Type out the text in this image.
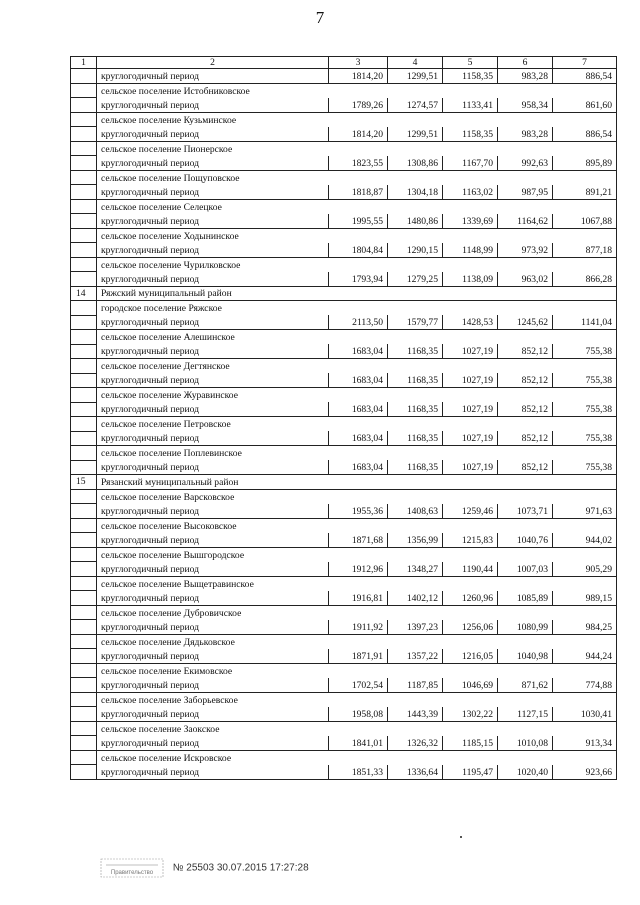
7
1	2	3	4	5	6	7
	круглогодичный период	1814,20	1299,51	1158,35	983,28	886,54
	сельское поселение Истобниковское					
	круглогодичный период	1789,26	1274,57	1133,41	958,34	861,60
	сельское поселение Кузьминское					
	круглогодичный период	1814,20	1299,51	1158,35	983,28	886,54
	сельское поселение Пионерское					
	круглогодичный период	1823,55	1308,86	1167,70	992,63	895,89
	сельское поселение Пощуповское					
	круглогодичный период	1818,87	1304,18	1163,02	987,95	891,21
	сельское поселение Селецкое					
	круглогодичный период	1995,55	1480,86	1339,69	1164,62	1067,88
	сельское поселение Ходынинское					
	круглогодичный период	1804,84	1290,15	1148,99	973,92	877,18
	сельское поселение Чурилковское					
	круглогодичный период	1793,94	1279,25	1138,09	963,02	866,28
14	Ряжский муниципальный район					
	городское поселение Ряжское					
	круглогодичный период	2113,50	1579,77	1428,53	1245,62	1141,04
	сельское поселение Алешинское					
	круглогодичный период	1683,04	1168,35	1027,19	852,12	755,38
	сельское поселение Дегтянское					
	круглогодичный период	1683,04	1168,35	1027,19	852,12	755,38
	сельское поселение Журавинское					
	круглогодичный период	1683,04	1168,35	1027,19	852,12	755,38
	сельское поселение Петровское					
	круглогодичный период	1683,04	1168,35	1027,19	852,12	755,38
	сельское поселение Поплевинское					
	круглогодичный период	1683,04	1168,35	1027,19	852,12	755,38
15	Рязанский муниципальный район					
	сельское поселение Варсковское					
	круглогодичный период	1955,36	1408,63	1259,46	1073,71	971,63
	сельское поселение Высоковское					
	круглогодичный период	1871,68	1356,99	1215,83	1040,76	944,02
	сельское поселение Вышгородское					
	круглогодичный период	1912,96	1348,27	1190,44	1007,03	905,29
	сельское поселение Выщетравинское					
	круглогодичный период	1916,81	1402,12	1260,96	1085,89	989,15
	сельское поселение Дубровичское					
	круглогодичный период	1911,92	1397,23	1256,06	1080,99	984,25
	сельское поселение Дядьковское					
	круглогодичный период	1871,91	1357,22	1216,05	1040,98	944,24
	сельское поселение Екимовское					
	круглогодичный период	1702,54	1187,85	1046,69	871,62	774,88
	сельское поселение Заборьевское					
	круглогодичный период	1958,08	1443,39	1302,22	1127,15	1030,41
	сельское поселение Заокское					
	круглогодичный период	1841,01	1326,32	1185,15	1010,08	913,34
	сельское поселение Искровское					
	круглогодичный период	1851,33	1336,64	1195,47	1020,40	923,66
Правительство № 25503 30.07.2015 17:27:28
